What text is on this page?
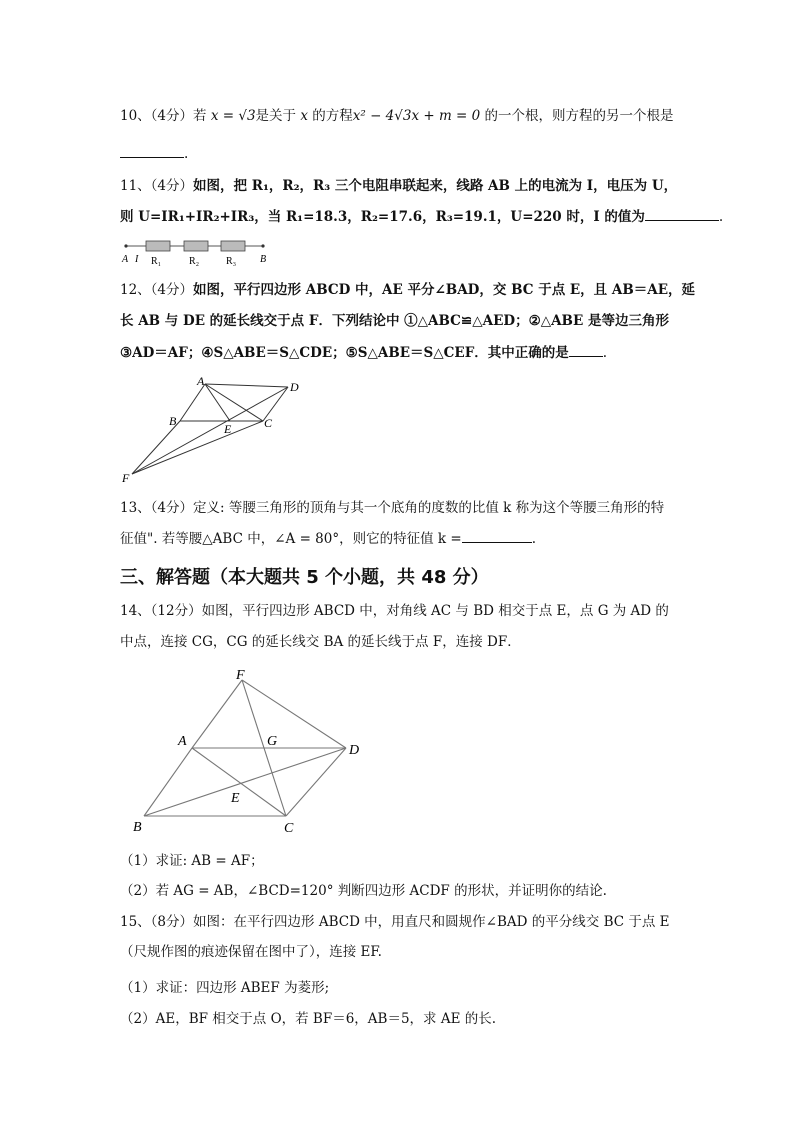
10、（4分）若 x = √3是关于 x 的方程x² − 4√3x + m = 0 的一个根，则方程的另一个根是
.
11、（4分）如图，把 R₁，R₂，R₃ 三个电阻串联起来，线路 AB 上的电流为 I，电压为 U，
则 U=IR₁+IR₂+IR₃，当 R₁=18.3，R₂=17.6，R₃=19.1，U=220 时，I 的值为	.
A I R₁	R₂	R₃ B
12、（4分）如图，平行四边形 ABCD 中，AE 平分∠BAD，交 BC 于点 E，且 AB＝AE，延
长 AB 与 DE 的延长线交于点 F．下列结论中 ①△ABC≌△AED；②△ABE 是等边三角形
③AD＝AF；④S△ABE＝S△CDE；⑤S△ABE＝S△CEF．其中正确的是	.
A	D
B
E	C
F
13、（4分）定义: 等腰三角形的顶角与其一个底角的度数的比值 k 称为这个等腰三角形的特
征值". 若等腰△ABC 中，∠A = 80°，则它的特征值 k =	.
三、解答题（本大题共 5 个小题，共 48 分）
14、（12分）如图，平行四边形 ABCD 中，对角线 AC 与 BD 相交于点 E，点 G 为 AD 的
中点，连接 CG，CG 的延长线交 BA 的延长线于点 F，连接 DF．
F
A	G
D
E
B	C
（1）求证: AB = AF；
（2）若 AG = AB，∠BCD=120° 判断四边形 ACDF 的形状，并证明你的结论.
15、（8分）如图：在平行四边形 ABCD 中，用直尺和圆规作∠BAD 的平分线交 BC 于点 E
（尺规作图的痕迹保留在图中了），连接 EF.
（1）求证：四边形 ABEF 为菱形;
（2）AE，BF 相交于点 O，若 BF＝6，AB＝5，求 AE 的长.
